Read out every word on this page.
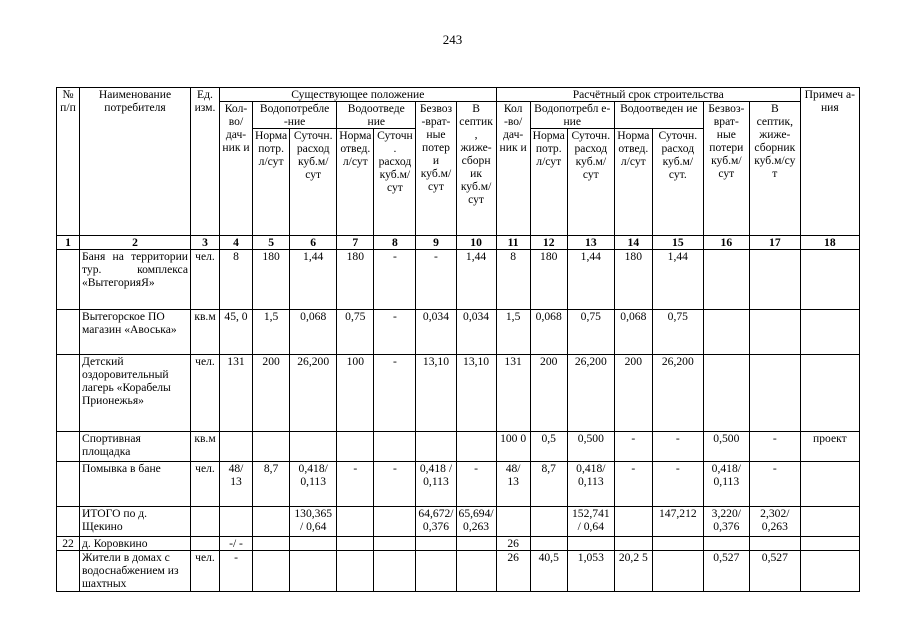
243
№ п/п	Наименование потребителя	Ед. изм.	Существующее положение							Расчётный срок строительства							Примеч а-ния
			Кол-во/ дач-ник и	Водопотребле -ние		Водоотведе ние		Безвоз -врат- ные потер и куб.м/ сут	В септик , жиже- сборн ик куб.м/ сут	Кол -во/ дач- ник и	Водопотребл е-ние		Водоотведен ие		Безвоз- врат- ные потери куб.м/ сут	В септик, жиже- сборник куб.м/су т	
				Норма потр. л/сут	Суточн. расход куб.м/ сут	Норма отвед. л/сут	Суточн . расход куб.м/ сут				Норма потр. л/сут	Суточн. расход куб.м/ сут	Норма отвед. л/сут	Суточн. расход куб.м/ сут.			
1	2	3	4	5	6	7	8	9	10	11	12	13	14	15	16	17	18
	Баня на территории тур. комплекса «ВытегорияЯ»	чел.	8	180	1,44	180	-	-	1,44	8	180	1,44	180	1,44			
	Вытегорское ПО магазин «Авоська»	кв.м	45, 0	1,5	0,068	0,75	-	0,034	0,034	1,5	0,068	0,75	0,068	0,75			
	Детский оздоровительный лагерь «Корабелы Прионежья»	чел.	131	200	26,200	100	-	13,10	13,10	131	200	26,200	200	26,200			
	Спортивная площадка	кв.м								100 0	0,5	0,500	-	-	0,500	-	проект
	Помывка в бане	чел.	48/ 13	8,7	0,418/ 0,113	-	-	0,418 / 0,113	-	48/ 13	8,7	0,418/ 0,113	-	-	0,418/ 0,113	-	
	ИТОГО по д. Щекино				130,365 / 0,64			64,672/ 0,376	65,694/ 0,263			152,741 / 0,64		147,212	3,220/ 0,376	2,302/ 0,263	
22	д. Коровкино		-/ -							26							
	Жители в домах с водоснабжением из шахтных	чел.	-							26	40,5	1,053	20,2 5		0,527	0,527	
